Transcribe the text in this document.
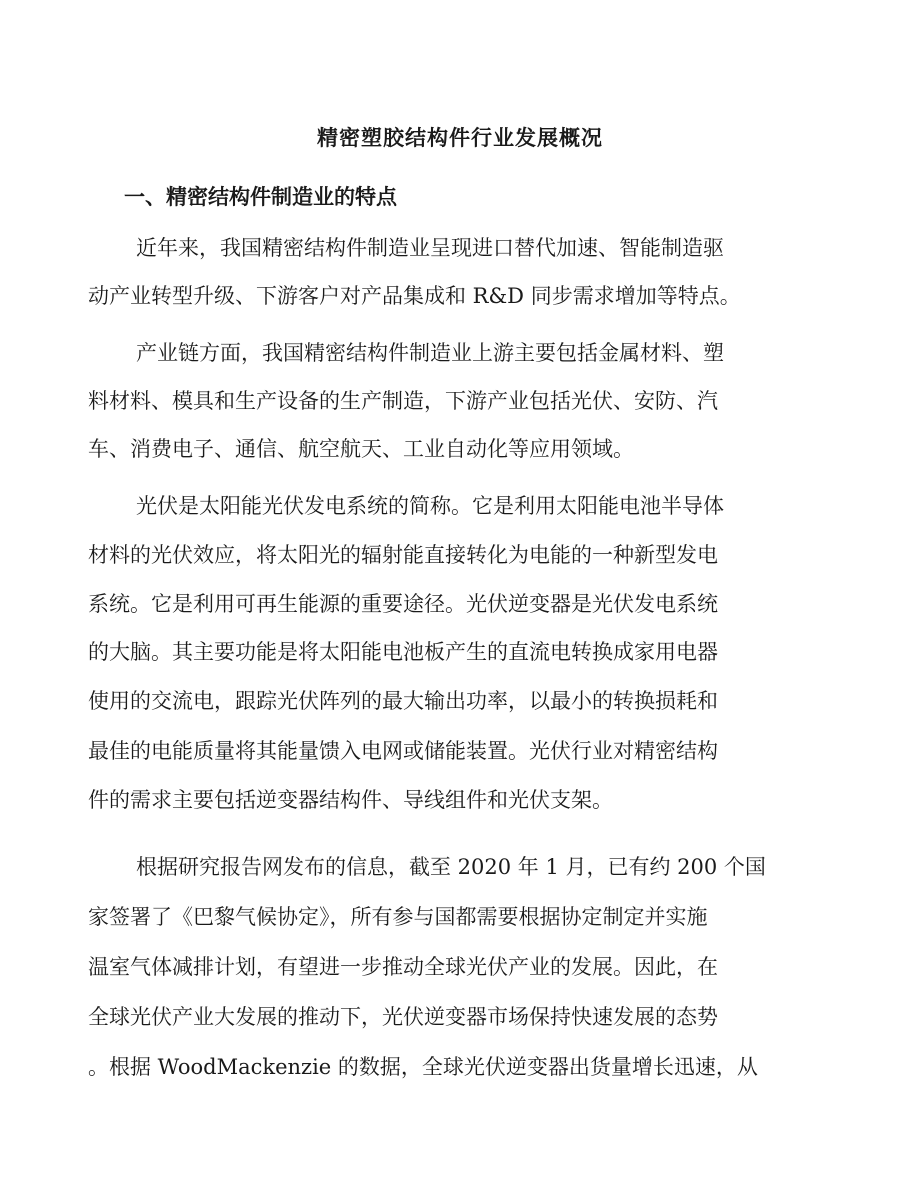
精密塑胶结构件行业发展概况
一、精密结构件制造业的特点

近年来，我国精密结构件制造业呈现进口替代加速、智能制造驱

动产业转型升级、下游客户对产品集成和 R&D 同步需求增加等特点。

产业链方面，我国精密结构件制造业上游主要包括金属材料、塑

料材料、模具和生产设备的生产制造，下游产业包括光伏、安防、汽

车、消费电子、通信、航空航天、工业自动化等应用领域。

光伏是太阳能光伏发电系统的简称。它是利用太阳能电池半导体

材料的光伏效应，将太阳光的辐射能直接转化为电能的一种新型发电

系统。它是利用可再生能源的重要途径。光伏逆变器是光伏发电系统

的大脑。其主要功能是将太阳能电池板产生的直流电转换成家用电器

使用的交流电，跟踪光伏阵列的最大输出功率，以最小的转换损耗和

最佳的电能质量将其能量馈入电网或储能装置。光伏行业对精密结构

件的需求主要包括逆变器结构件、导线组件和光伏支架。

根据研究报告网发布的信息，截至 2020 年 1 月，已有约 200 个国

家签署了《巴黎气候协定》，所有参与国都需要根据协定制定并实施

温室气体减排计划，有望进一步推动全球光伏产业的发展。因此，在

全球光伏产业大发展的推动下，光伏逆变器市场保持快速发展的态势

。根据 WoodMackenzie 的数据，全球光伏逆变器出货量增长迅速，从
